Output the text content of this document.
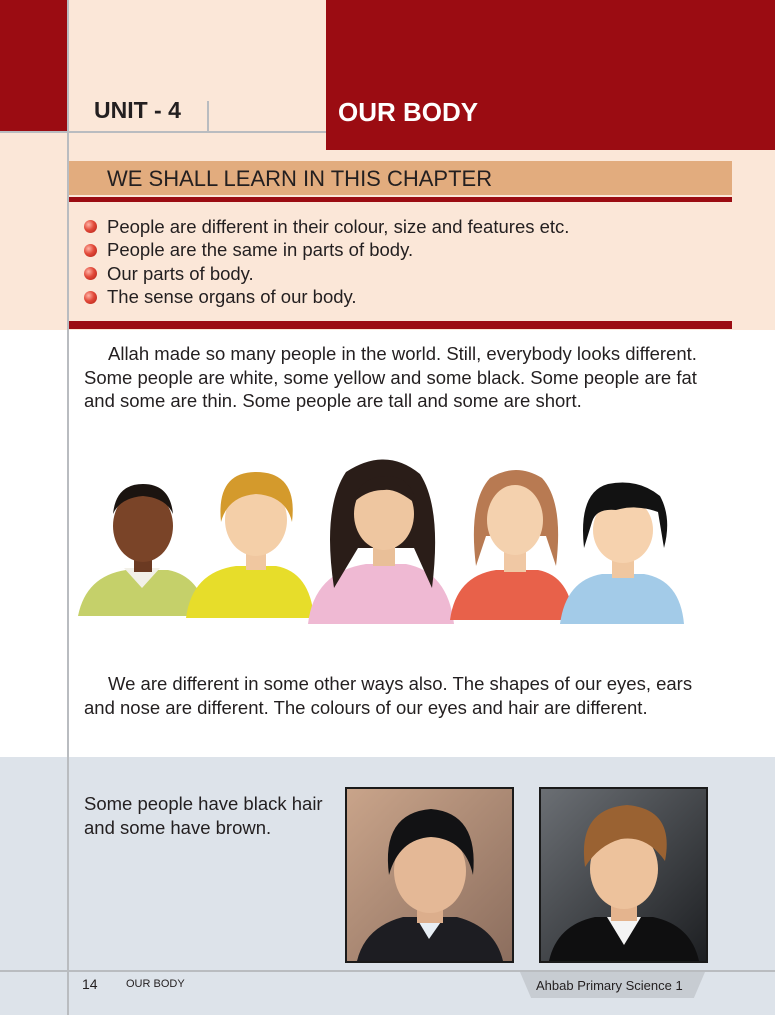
UNIT - 4	OUR BODY
WE SHALL LEARN IN THIS CHAPTER
People are different in their colour, size and features etc.
People are the same in parts of body.
Our parts of body.
The sense organs of our body.

Allah made so many people in the world. Still, everybody looks different. Some people are white, some yellow and some black. Some people are fat and some are thin. Some people are tall and some are short.

We are different in some other ways also. The shapes of our eyes, ears and nose are different. The colours of our eyes and hair are different.

Some people have black hair and some have brown.

14	OUR BODY	Ahbab Primary Science 1
